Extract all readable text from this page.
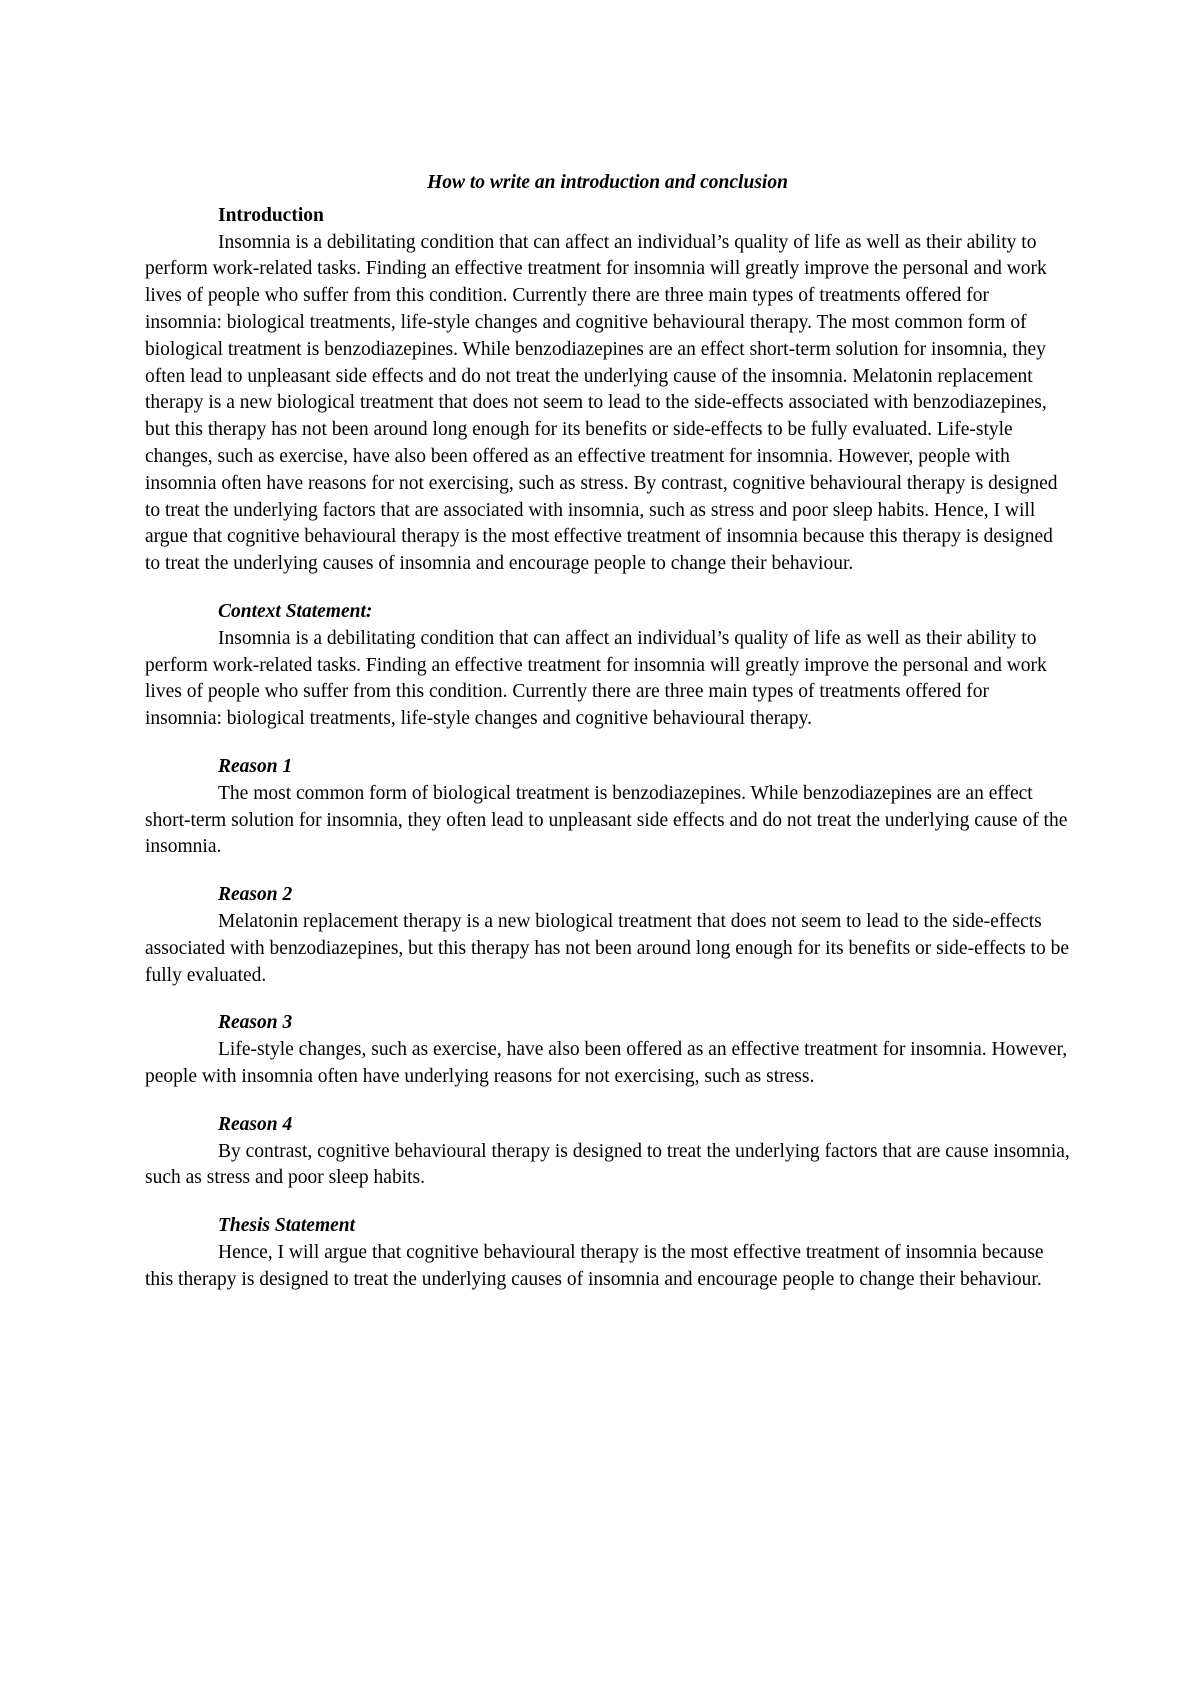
How to write an introduction and conclusion
Introduction

Insomnia is a debilitating condition that can affect an individual’s quality of life as well as their ability to perform work-related tasks. Finding an effective treatment for insomnia will greatly improve the personal and work lives of people who suffer from this condition. Currently there are three main types of treatments offered for insomnia: biological treatments, life-style changes and cognitive behavioural therapy. The most common form of biological treatment is benzodiazepines. While benzodiazepines are an effect short-term solution for insomnia, they often lead to unpleasant side effects and do not treat the underlying cause of the insomnia. Melatonin replacement therapy is a new biological treatment that does not seem to lead to the side-effects associated with benzodiazepines, but this therapy has not been around long enough for its benefits or side-effects to be fully evaluated. Life-style changes, such as exercise, have also been offered as an effective treatment for insomnia. However, people with insomnia often have reasons for not exercising, such as stress. By contrast, cognitive behavioural therapy is designed to treat the underlying factors that are associated with insomnia, such as stress and poor sleep habits. Hence, I will argue that cognitive behavioural therapy is the most effective treatment of insomnia because this therapy is designed to treat the underlying causes of insomnia and encourage people to change their behaviour.

Context Statement:

Insomnia is a debilitating condition that can affect an individual’s quality of life as well as their ability to perform work-related tasks. Finding an effective treatment for insomnia will greatly improve the personal and work lives of people who suffer from this condition. Currently there are three main types of treatments offered for insomnia: biological treatments, life-style changes and cognitive behavioural therapy.

Reason 1

The most common form of biological treatment is benzodiazepines. While benzodiazepines are an effect short-term solution for insomnia, they often lead to unpleasant side effects and do not treat the underlying cause of the insomnia.

Reason 2

Melatonin replacement therapy is a new biological treatment that does not seem to lead to the side-effects associated with benzodiazepines, but this therapy has not been around long enough for its benefits or side-effects to be fully evaluated.

Reason 3

Life-style changes, such as exercise, have also been offered as an effective treatment for insomnia. However, people with insomnia often have underlying reasons for not exercising, such as stress.

Reason 4

By contrast, cognitive behavioural therapy is designed to treat the underlying factors that are cause insomnia, such as stress and poor sleep habits.

Thesis Statement

Hence, I will argue that cognitive behavioural therapy is the most effective treatment of insomnia because this therapy is designed to treat the underlying causes of insomnia and encourage people to change their behaviour.
